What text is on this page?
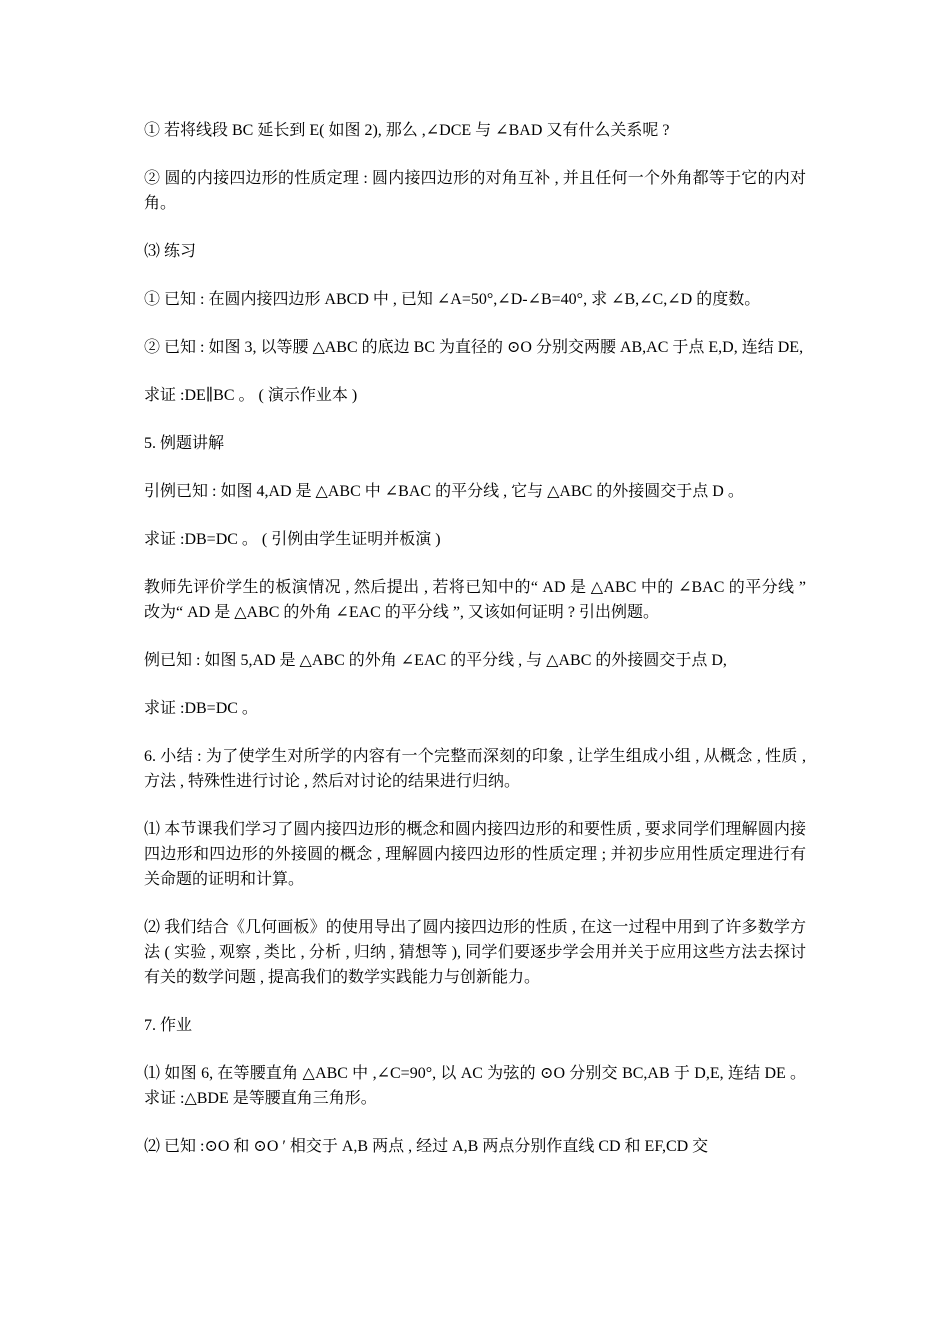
① 若将线段 BC 延长到 E( 如图 2), 那么 ,∠DCE 与 ∠BAD 又有什么关系呢 ?

② 圆的内接四边形的性质定理 : 圆内接四边形的对角互补 , 并且任何一个外角都等于它的内对角。

⑶ 练习

① 已知 : 在圆内接四边形 ABCD 中 , 已知 ∠A=50°,∠D-∠B=40°, 求 ∠B,∠C,∠D 的度数。

② 已知 : 如图 3, 以等腰 △ABC 的底边 BC 为直径的 ⊙O 分别交两腰 AB,AC 于点 E,D, 连结 DE,

求证 :DE∥BC 。 ( 演示作业本 )

5. 例题讲解

引例已知 : 如图 4,AD 是 △ABC 中 ∠BAC 的平分线 , 它与 △ABC 的外接圆交于点 D 。

求证 :DB=DC 。 ( 引例由学生证明并板演 )

教师先评价学生的板演情况 , 然后提出 , 若将已知中的“ AD 是 △ABC 中的 ∠BAC 的平分线 ” 改为“ AD 是 △ABC 的外角 ∠EAC 的平分线 ”, 又该如何证明 ? 引出例题。

例已知 : 如图 5,AD 是 △ABC 的外角 ∠EAC 的平分线 , 与 △ABC 的外接圆交于点 D,

求证 :DB=DC 。

6. 小结 : 为了使学生对所学的内容有一个完整而深刻的印象 , 让学生组成小组 , 从概念 , 性质 , 方法 , 特殊性进行讨论 , 然后对讨论的结果进行归纳。

⑴ 本节课我们学习了圆内接四边形的概念和圆内接四边形的和要性质 , 要求同学们理解圆内接四边形和四边形的外接圆的概念 , 理解圆内接四边形的性质定理 ; 并初步应用性质定理进行有关命题的证明和计算。

⑵ 我们结合《几何画板》的使用导出了圆内接四边形的性质 , 在这一过程中用到了许多数学方法 ( 实验 , 观察 , 类比 , 分析 , 归纳 , 猜想等 ), 同学们要逐步学会用并关于应用这些方法去探讨有关的数学问题 , 提高我们的数学实践能力与创新能力。

7. 作业

⑴ 如图 6, 在等腰直角 △ABC 中 ,∠C=90°, 以 AC 为弦的 ⊙O 分别交 BC,AB 于 D,E, 连结 DE 。求证 :△BDE 是等腰直角三角形。

⑵ 已知 :⊙O 和 ⊙O ′ 相交于 A,B 两点 , 经过 A,B 两点分别作直线 CD 和 EF,CD 交
